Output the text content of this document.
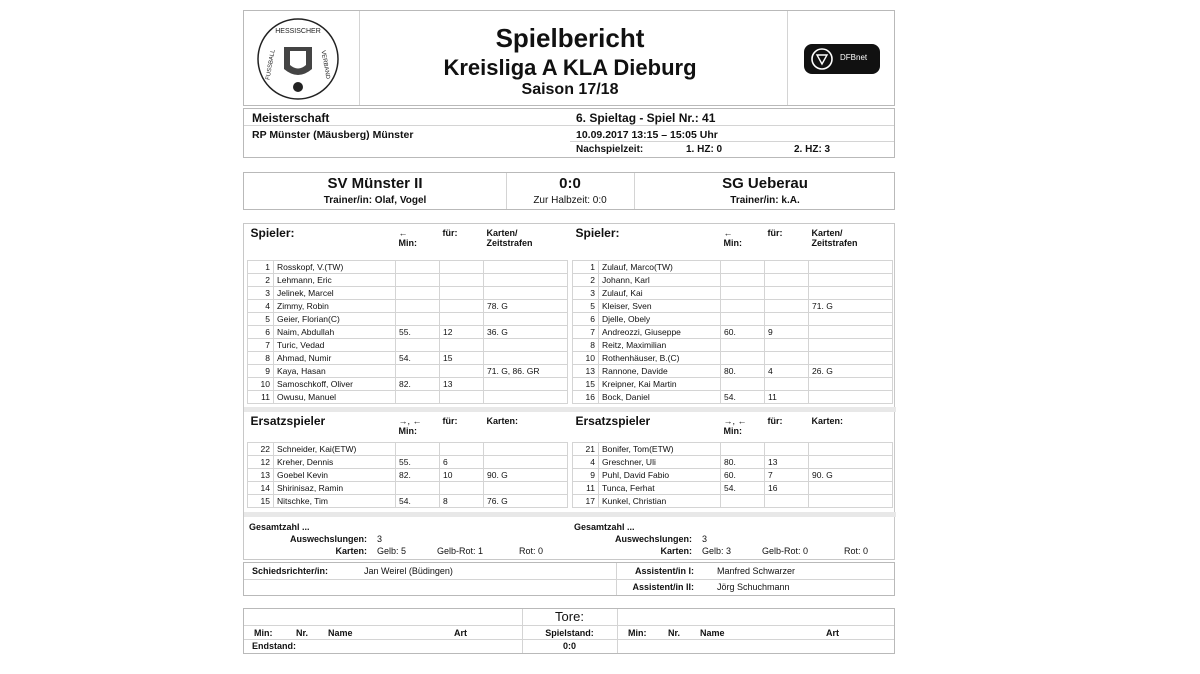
HESSISCHER
FUSSBALL	VERBAND
Spielbericht
Kreisliga A KLA Dieburg
Saison 17/18
DFBnet
Meisterschaft
RP Münster (Mäusberg) Münster
6. Spieltag - Spiel Nr.: 41
10.09.2017 13:15 – 15:05 Uhr
Nachspielzeit:	1. HZ: 0	2. HZ: 3
SV Münster II
Trainer/in: Olaf, Vogel
0:0
Zur Halbzeit: 0:0
SG Ueberau
Trainer/in: k.A.
Spieler:		←
Min:	für:	Karten/
Zeitstrafen
1	Rosskopf, V.(TW)			
2	Lehmann, Eric			
3	Jelinek, Marcel			
4	Zimmy, Robin			78. G
5	Geier, Florian(C)			
6	Naim, Abdullah	55.	12	36. G
7	Turic, Vedad			
8	Ahmad, Numir	54.	15	
9	Kaya, Hasan			71. G, 86. GR
10	Samoschkoff, Oliver	82.	13	
11	Owusu, Manuel			
Spieler:		←
Min:	für:	Karten/
Zeitstrafen
1	Zulauf, Marco(TW)			
2	Johann, Karl			
3	Zulauf, Kai			
5	Kleiser, Sven			71. G
6	Djelle, Obely			
7	Andreozzi, Giuseppe	60.	9	
8	Reitz, Maximilian			
10	Rothenhäuser, B.(C)			
13	Rannone, Davide	80.	4	26. G
15	Kreipner, Kai Martin			
16	Bock, Daniel	54.	11	
Ersatzspieler		→, ←
Min:	für:	Karten:
22	Schneider, Kai(ETW)			
12	Kreher, Dennis	55.	6	
13	Goebel Kevin	82.	10	90. G
14	Shirinisaz, Ramin			
15	Nitschke, Tim	54.	8	76. G
Ersatzspieler		→, ←
Min:	für:	Karten:
21	Bonifer, Tom(ETW)			
4	Greschner, Uli	80.	13	
9	Puhl, David Fabio	60.	7	90. G
11	Tunca, Ferhat	54.	16	
17	Kunkel, Christian			
Gesamtzahl ...
Auswechslungen: 3
Karten: Gelb: 5	Gelb-Rot: 1	Rot: 0
Gesamtzahl ...
Auswechslungen: 3
Karten: Gelb: 3	Gelb-Rot: 0	Rot: 0
Schiedsrichter/in:	Jan Weirel (Büdingen)	Assistent/in I:	Manfred Schwarzer
Assistent/in II:	Jörg Schuchmann
Tore:
Min:	Nr. Name	Art	Spielstand:	Min: Nr. Name	Art
Endstand:	0:0
